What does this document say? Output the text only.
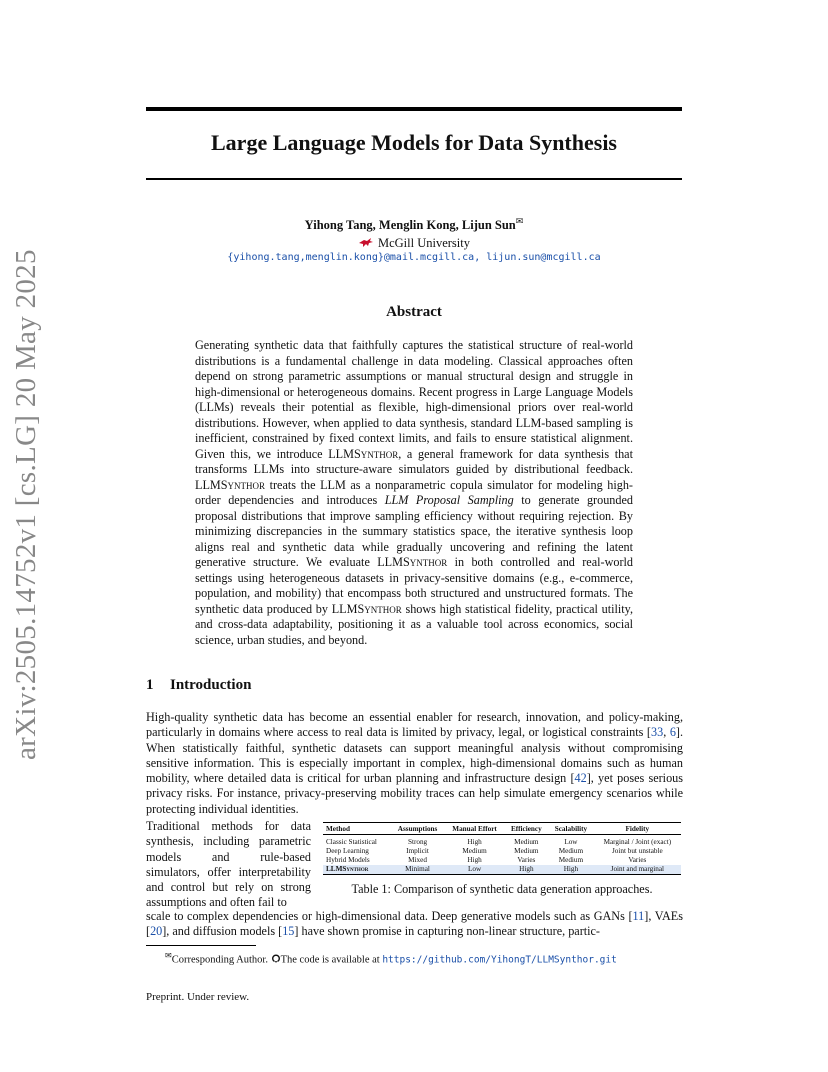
arXiv:2505.14752v1 [cs.LG] 20 May 2025
Large Language Models for Data Synthesis
Yihong Tang, Menglin Kong, Lijun Sun✉
McGill University
{yihong.tang,menglin.kong}@mail.mcgill.ca, lijun.sun@mcgill.ca
Abstract
Generating synthetic data that faithfully captures the statistical structure of real-world distributions is a fundamental challenge in data modeling. Classical approaches often depend on strong parametric assumptions or manual structural design and struggle in high-dimensional or heterogeneous domains. Recent progress in Large Language Models (LLMs) reveals their potential as flexible, high-dimensional priors over real-world distributions. However, when applied to data synthesis, standard LLM-based sampling is inefficient, constrained by fixed context limits, and fails to ensure statistical alignment. Given this, we introduce LLMSynthor, a general framework for data synthesis that transforms LLMs into structure-aware simulators guided by distributional feedback. LLMSynthor treats the LLM as a nonparametric copula simulator for modeling high-order dependencies and introduces LLM Proposal Sampling to generate grounded proposal distributions that improve sampling efficiency without requiring rejection. By minimizing discrepancies in the summary statistics space, the iterative synthesis loop aligns real and synthetic data while gradually uncovering and refining the latent generative structure. We evaluate LLMSynthor in both controlled and real-world settings using heterogeneous datasets in privacy-sensitive domains (e.g., e-commerce, population, and mobility) that encompass both structured and unstructured formats. The synthetic data produced by LLMSynthor shows high statistical fidelity, practical utility, and cross-data adaptability, positioning it as a valuable tool across economics, social science, urban studies, and beyond.
1 Introduction
High-quality synthetic data has become an essential enabler for research, innovation, and policy-making, particularly in domains where access to real data is limited by privacy, legal, or logistical constraints [33, 6]. When statistically faithful, synthetic datasets can support meaningful analysis without compromising sensitive information. This is especially important in complex, high-dimensional domains such as human mobility, where detailed data is critical for urban planning and infrastructure design [42], yet poses serious privacy risks. For instance, privacy-preserving mobility traces can help simulate emergency scenarios while protecting individual identities.
Traditional methods for data synthesis, including parametric models and rule-based simulators, offer interpretability and control but rely on strong assumptions and often fail to
Method	Assumptions	Manual Effort	Efficiency	Scalability	Fidelity
Classic Statistical	Strong	High	Medium	Low	Marginal / Joint (exact)
Deep Learning	Implicit	Medium	Medium	Medium	Joint but unstable
Hybrid Models	Mixed	High	Varies	Medium	Varies
LLMSynthor	Minimal	Low	High	High	Joint and marginal
Table 1: Comparison of synthetic data generation approaches.
scale to complex dependencies or high-dimensional data. Deep generative models such as GANs [11], VAEs [20], and diffusion models [15] have shown promise in capturing non-linear structure, partic-
✉Corresponding Author. The code is available at https://github.com/YihongT/LLMSynthor.git
Preprint. Under review.
